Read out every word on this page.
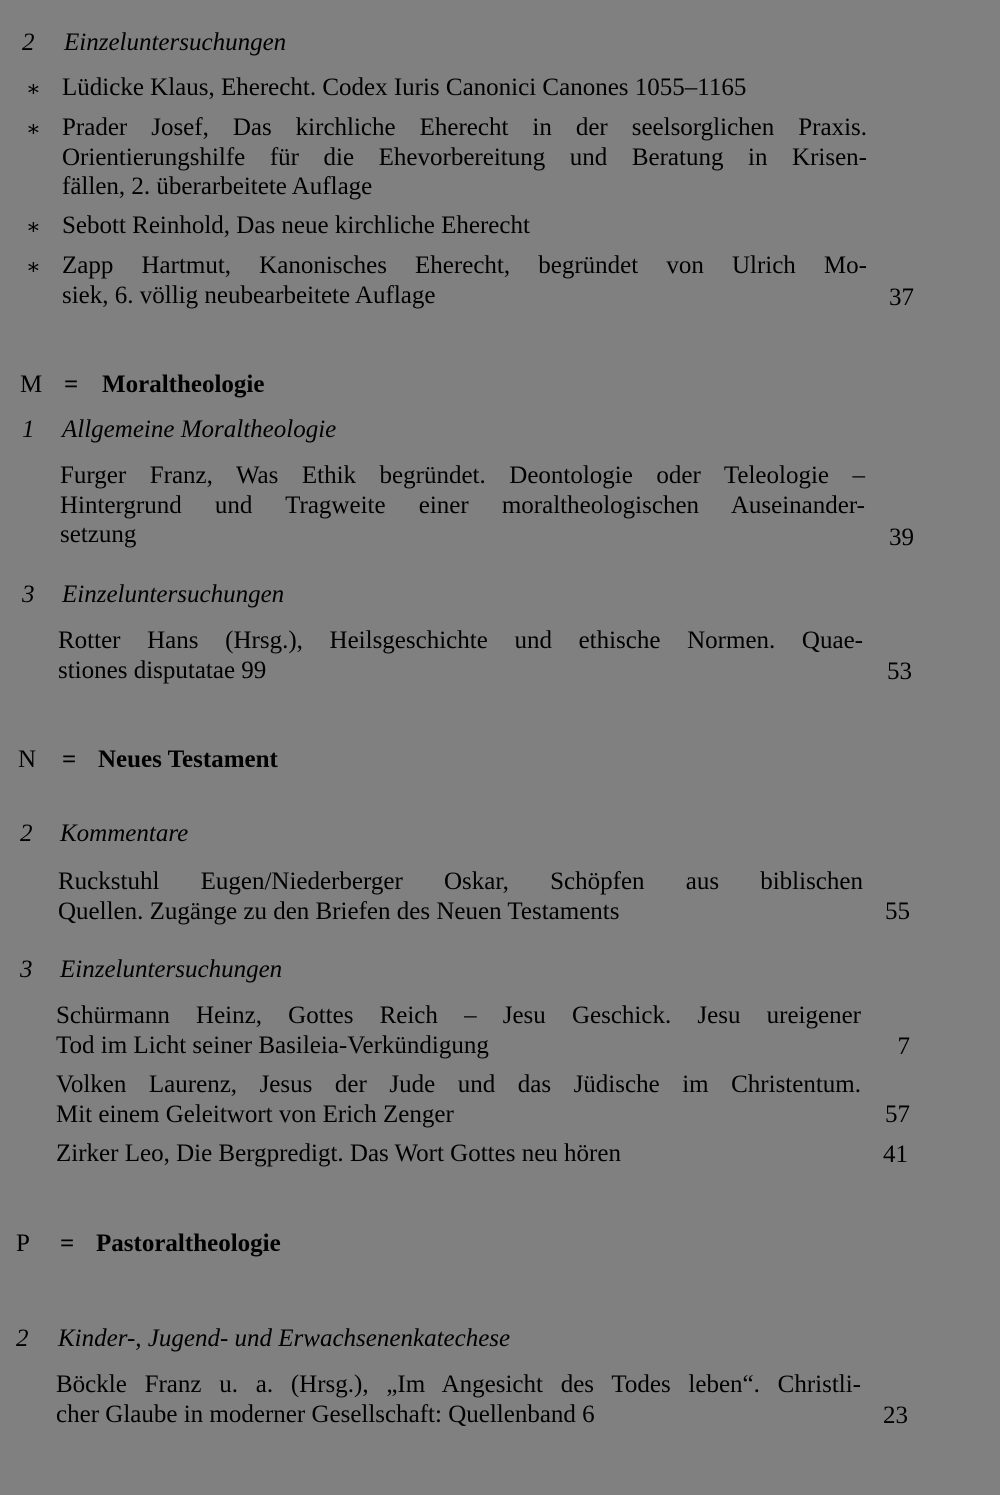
2 Einzeluntersuchungen
∗ Lüdicke Klaus, Eherecht. Codex Iuris Canonici Canones 1055–1165
∗ Prader Josef, Das kirchliche Eherecht in der seelsorglichen Praxis.
Orientierungshilfe für die Ehevorbereitung und Beratung in Krisen-
fällen, 2. überarbeitete Auflage
∗ Sebott Reinhold, Das neue kirchliche Eherecht
∗ Zapp Hartmut, Kanonisches Eherecht, begründet von Ulrich Mo-
siek, 6. völlig neubearbeitete Auflage	37
M = Moraltheologie
1 Allgemeine Moraltheologie
Furger Franz, Was Ethik begründet. Deontologie oder Teleologie –
Hintergrund und Tragweite einer moraltheologischen Auseinander-
setzung	39
3 Einzeluntersuchungen
Rotter Hans (Hrsg.), Heilsgeschichte und ethische Normen. Quae-
stiones disputatae 99	53
N = Neues Testament
2 Kommentare
Ruckstuhl Eugen/Niederberger Oskar, Schöpfen aus biblischen
Quellen. Zugänge zu den Briefen des Neuen Testaments	55
3 Einzeluntersuchungen
Schürmann Heinz, Gottes Reich – Jesu Geschick. Jesu ureigener
Tod im Licht seiner Basileia-Verkündigung	7
Volken Laurenz, Jesus der Jude und das Jüdische im Christentum.
Mit einem Geleitwort von Erich Zenger	57
Zirker Leo, Die Bergpredigt. Das Wort Gottes neu hören	41
P = Pastoraltheologie
2 Kinder-, Jugend- und Erwachsenenkatechese
Böckle Franz u. a. (Hrsg.), „Im Angesicht des Todes leben“. Christli-
cher Glaube in moderner Gesellschaft: Quellenband 6	23
